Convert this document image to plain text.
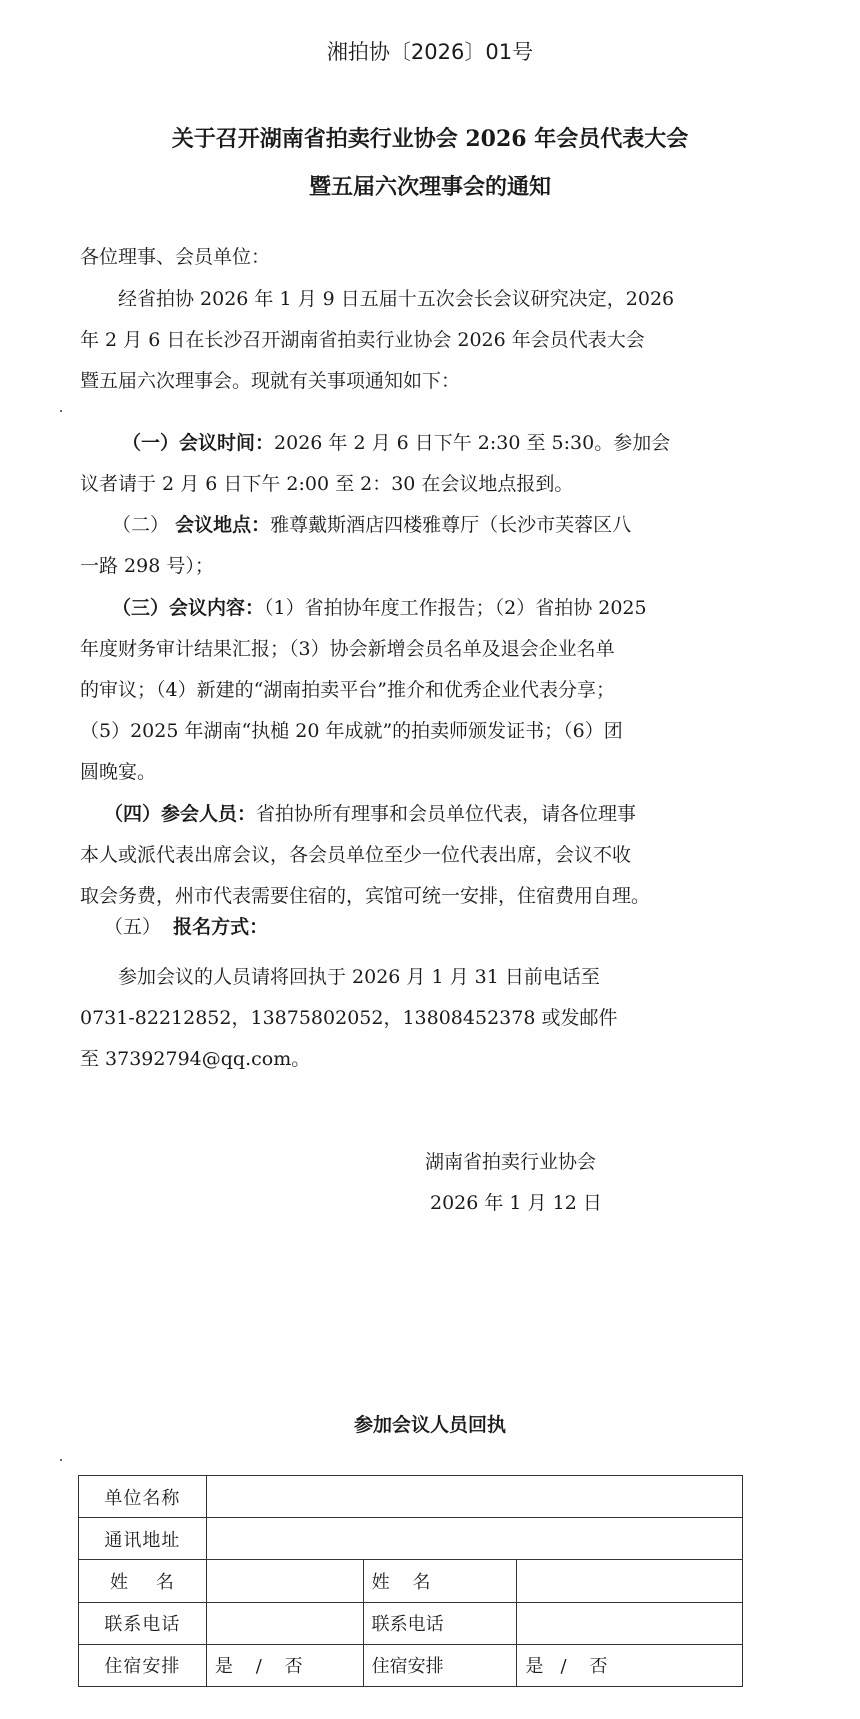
湘拍协〔2026〕01号
关于召开湖南省拍卖行业协会 2026 年会员代表大会
暨五届六次理事会的通知
各位理事、会员单位：
经省拍协 2026 年 1 月 9 日五届十五次会长会议研究决定，2026
年 2 月 6 日在长沙召开湖南省拍卖行业协会 2026 年会员代表大会
暨五届六次理事会。现就有关事项通知如下：
（一）会议时间：2026 年 2 月 6 日下午 2:30 至 5:30。参加会
议者请于 2 月 6 日下午 2:00 至 2：30 在会议地点报到。
（二） 会议地点：雅尊戴斯酒店四楼雅尊厅（长沙市芙蓉区八
一路 298 号）；
（三）会议内容：（1）省拍协年度工作报告；（2）省拍协 2025
年度财务审计结果汇报；（3）协会新增会员名单及退会企业名单
的审议；（4）新建的“湖南拍卖平台”推介和优秀企业代表分享；
（5）2025 年湖南“执槌 20 年成就”的拍卖师颁发证书；（6）团
圆晚宴。
（四）参会人员：省拍协所有理事和会员单位代表，请各位理事
本人或派代表出席会议，各会员单位至少一位代表出席，会议不收
取会务费，州市代表需要住宿的，宾馆可统一安排，住宿费用自理。
（五） 报名方式：
参加会议的人员请将回执于 2026 月 1 月 31 日前电话至
0731-82212852，13875802052，13808452378 或发邮件
至 37392794@qq.com。
湖南省拍卖行业协会
2026 年 1 月 12 日
参加会议人员回执
单位名称			
通讯地址			
姓    名		姓    名	
联系电话		联系电话	
住宿安排	是    /    否	住宿安排	是   /    否
